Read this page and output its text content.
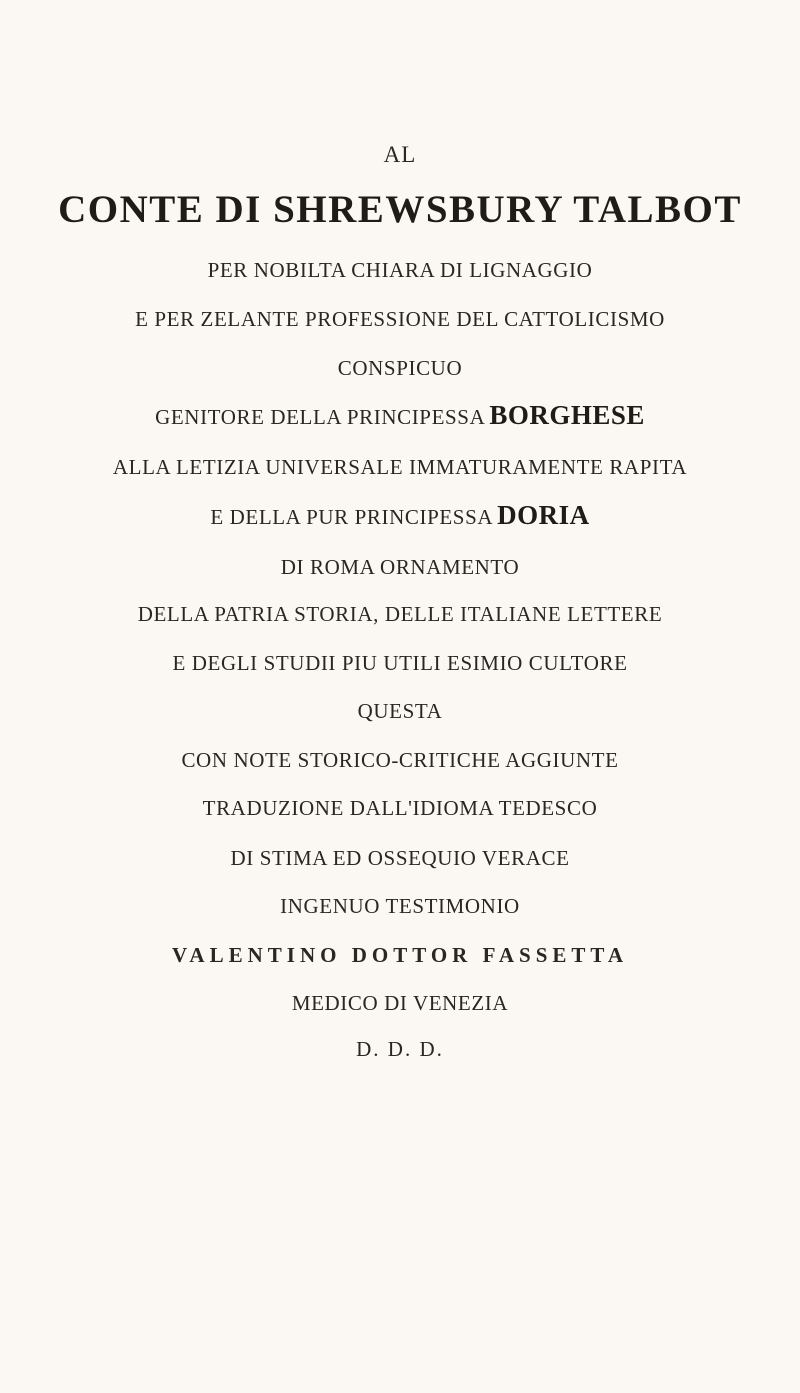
AL
CONTE DI SHREWSBURY TALBOT
PER NOBILTA CHIARA DI LIGNAGGIO
E PER ZELANTE PROFESSIONE DEL CATTOLICISMO
CONSPICUO
GENITORE DELLA PRINCIPESSA BORGHESE
ALLA LETIZIA UNIVERSALE IMMATURAMENTE RAPITA
E DELLA PUR PRINCIPESSA DORIA
DI ROMA ORNAMENTO
DELLA PATRIA STORIA, DELLE ITALIANE LETTERE
E DEGLI STUDII PIU UTILI ESIMIO CULTORE
QUESTA
CON NOTE STORICO-CRITICHE AGGIUNTE
TRADUZIONE DALL'IDIOMA TEDESCO
DI STIMA ED OSSEQUIO VERACE
INGENUO TESTIMONIO
VALENTINO DOTTOR FASSETTA
MEDICO DI VENEZIA
D. D. D.
